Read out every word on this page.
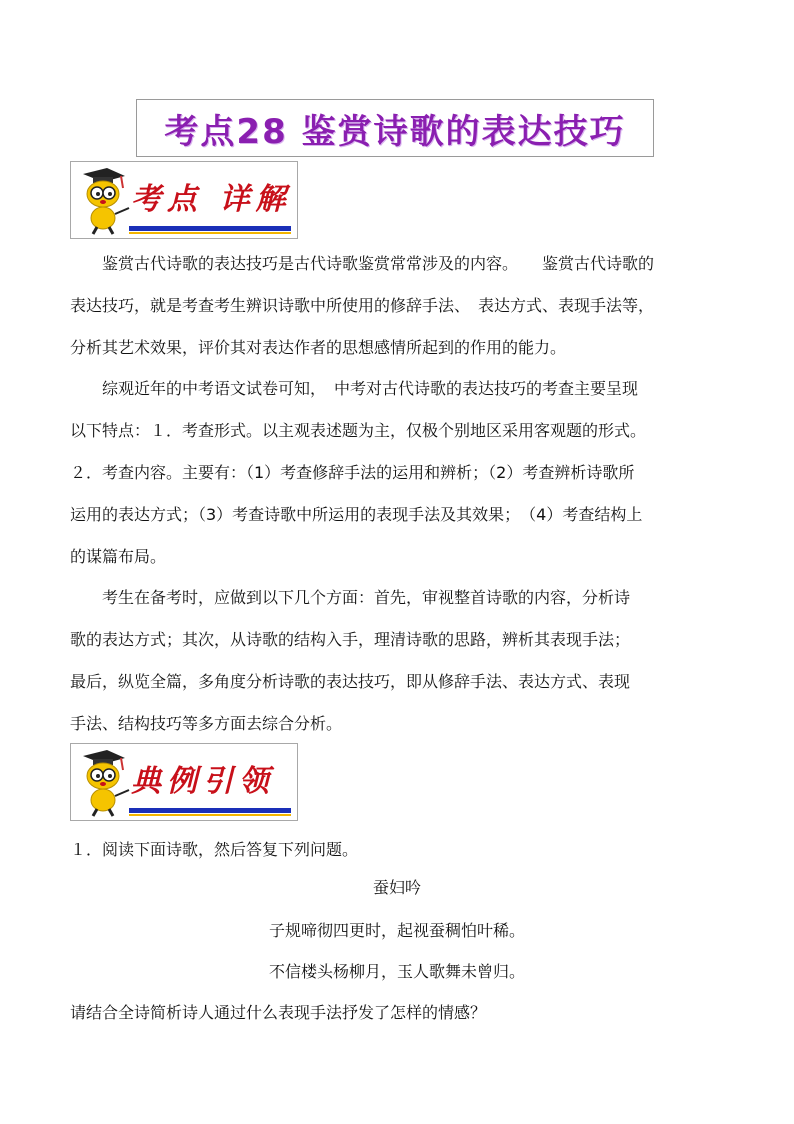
考点28 鉴赏诗歌的表达技巧
考点 详解
　　鉴赏古代诗歌的表达技巧是古代诗歌鉴赏常常涉及的内容。　　鉴赏古代诗歌的
表达技巧，就是考查考生辨识诗歌中所使用的修辞手法、　表达方式、表现手法等，
分析其艺术效果，评价其对表达作者的思想感情所起到的作用的能力。
　　综观近年的中考语文试卷可知，　中考对古代诗歌的表达技巧的考查主要呈现
以下特点：１．考查形式。以主观表述题为主，仅极个别地区采用客观题的形式。
２．考查内容。主要有：（1）考查修辞手法的运用和辨析；（2）考查辨析诗歌所
运用的表达方式；（3）考查诗歌中所运用的表现手法及其效果；　（4）考查结构上
的谋篇布局。
　　考生在备考时，应做到以下几个方面：首先，审视整首诗歌的内容，分析诗
歌的表达方式；其次，从诗歌的结构入手，理清诗歌的思路，辨析其表现手法；
最后，纵览全篇，多角度分析诗歌的表达技巧，即从修辞手法、表达方式、表现
手法、结构技巧等多方面去综合分析。
典例引领
１．阅读下面诗歌，然后答复下列问题。
蚕妇吟
子规啼彻四更时，起视蚕稠怕叶稀。
不信楼头杨柳月，玉人歌舞未曾归。
请结合全诗简析诗人通过什么表现手法抒发了怎样的情感？
